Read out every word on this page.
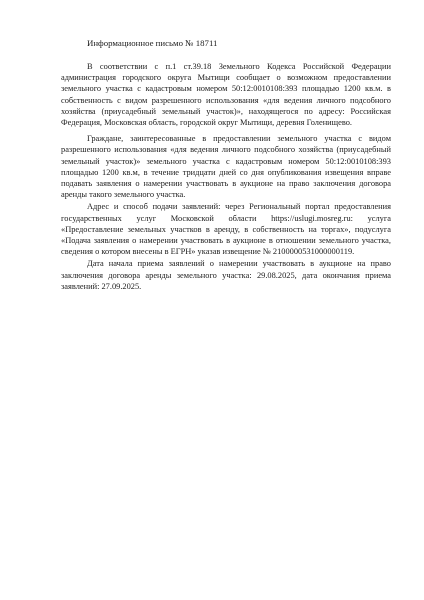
Информационное письмо № 18711

В соответствии с п.1 ст.39.18 Земельного Кодекса Российской Федерации администрация городского округа Мытищи сообщает о возможном предоставлении земельного участка с кадастровым номером 50:12:0010108:393 площадью 1200 кв.м. в собственность с видом разрешенного использования «для ведения личного подсобного хозяйства (приусадебный земельный участок)», находящегося по адресу: Российская Федерация, Московская область, городской округ Мытищи, деревня Голенищево.

Граждане, заинтересованные в предоставлении земельного участка с видом разрешенного использования «для ведения личного подсобного хозяйства (приусадебный земельный участок)» земельного участка с кадастровым номером 50:12:0010108:393 площадью 1200 кв.м, в течение тридцати дней со дня опубликования извещения вправе подавать заявления о намерении участвовать в аукционе на право заключения договора аренды такого земельного участка.

Адрес и способ подачи заявлений: через Региональный портал предоставления государственных услуг Московской области https://uslugi.mosreg.ru: услуга «Предоставление земельных участков в аренду, в собственность на торгах», подуслуга «Подача заявления о намерении участвовать в аукционе в отношении земельного участка, сведения о котором внесены в ЕГРН» указав извещение № 2100000531000000119.

Дата начала приема заявлений о намерении участвовать в аукционе на право заключения договора аренды земельного участка: 29.08.2025, дата окончания приема заявлений: 27.09.2025.
